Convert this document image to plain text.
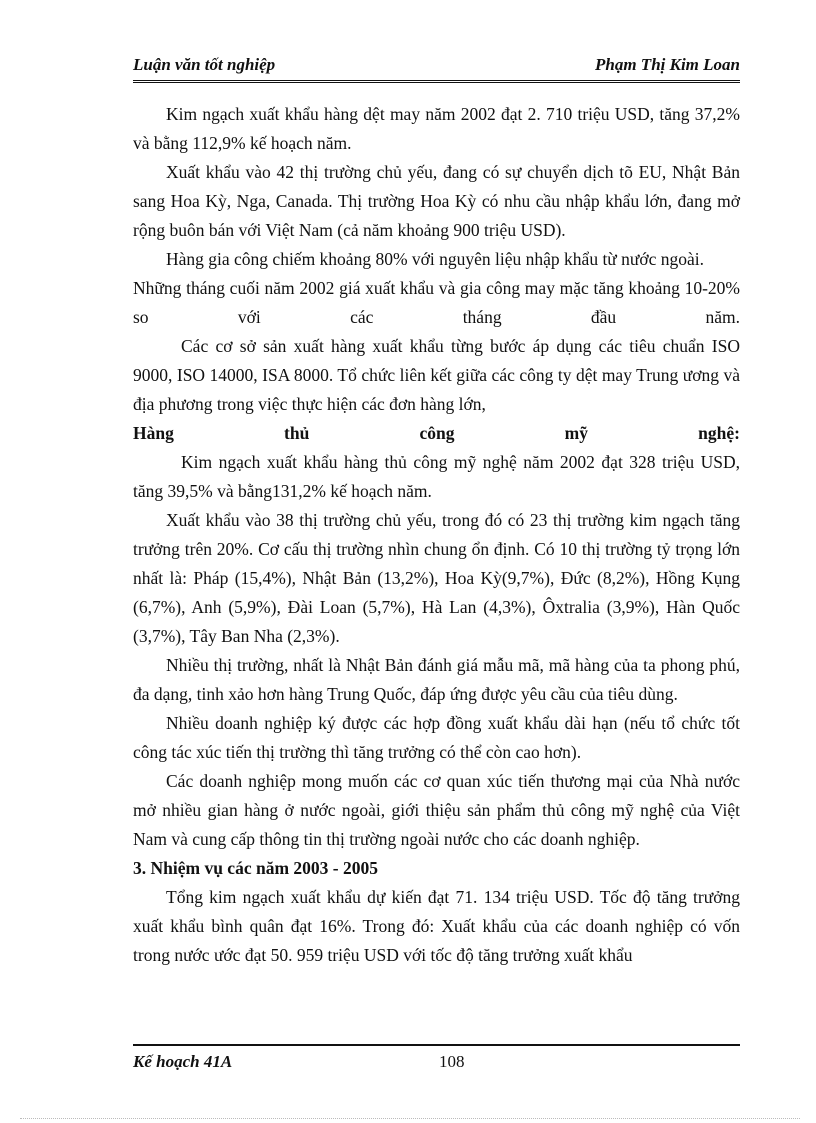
Luận văn tốt nghiệp	Phạm Thị Kim Loan

Kim ngạch xuất khẩu hàng dệt may năm 2002 đạt 2. 710 triệu USD, tăng 37,2% và bằng 112,9% kế hoạch năm.

Xuất khẩu vào 42 thị trường chủ yếu, đang có sự chuyển dịch tõ EU, Nhật Bản sang Hoa Kỳ, Nga, Canada. Thị trường Hoa Kỳ có nhu cầu nhập khẩu lớn, đang mở rộng buôn bán với Việt Nam (cả năm khoảng 900 triệu USD).

Hàng gia công chiếm khoảng 80% với nguyên liệu nhập khẩu từ nước ngoài.

Những tháng cuối năm 2002 giá xuất khẩu và gia công may mặc tăng khoảng 10-20% so với các tháng đầu năm.

Các cơ sở sản xuất hàng xuất khẩu từng bước áp dụng các tiêu chuẩn ISO 9000, ISO 14000, ISA 8000. Tổ chức liên kết giữa các công ty dệt may Trung ương và địa phương trong việc thực hiện các đơn hàng lớn,

Hàng thủ công mỹ nghệ:

Kim ngạch xuất khẩu hàng thủ công mỹ nghệ năm 2002 đạt 328 triệu USD, tăng 39,5% và bằng131,2% kế hoạch năm.

Xuất khẩu vào 38 thị trường chủ yếu, trong đó có 23 thị trường kim ngạch tăng trưởng trên 20%. Cơ cấu thị trường nhìn chung ổn định. Có 10 thị trường tỷ trọng lớn nhất là: Pháp (15,4%), Nhật Bản (13,2%), Hoa Kỳ(9,7%), Đức (8,2%), Hồng Kụng (6,7%), Anh (5,9%), Đài Loan (5,7%), Hà Lan (4,3%), Ôxtralia (3,9%), Hàn Quốc (3,7%), Tây Ban Nha (2,3%).

Nhiều thị trường, nhất là Nhật Bản đánh giá mẫu mã, mã hàng của ta phong phú, đa dạng, tinh xảo hơn hàng Trung Quốc, đáp ứng được yêu cầu của tiêu dùng.

Nhiều doanh nghiệp ký được các hợp đồng xuất khẩu dài hạn (nếu tổ chức tốt công tác xúc tiến thị trường thì tăng trưởng có thể còn cao hơn).

Các doanh nghiệp mong muốn các cơ quan xúc tiến thương mại của Nhà nước mở nhiều gian hàng ở nước ngoài, giới thiệu sản phẩm thủ công mỹ nghệ của Việt Nam và cung cấp thông tin thị trường ngoài nước cho các doanh nghiệp.

3. Nhiệm vụ các năm 2003 - 2005

Tổng kim ngạch xuất khẩu dự kiến đạt 71. 134 triệu USD. Tốc độ tăng trưởng xuất khẩu bình quân đạt 16%. Trong đó: Xuất khẩu của các doanh nghiệp có vốn trong nước ước đạt 50. 959 triệu USD với tốc độ tăng trưởng xuất khẩu

Kế hoạch 41A	108
